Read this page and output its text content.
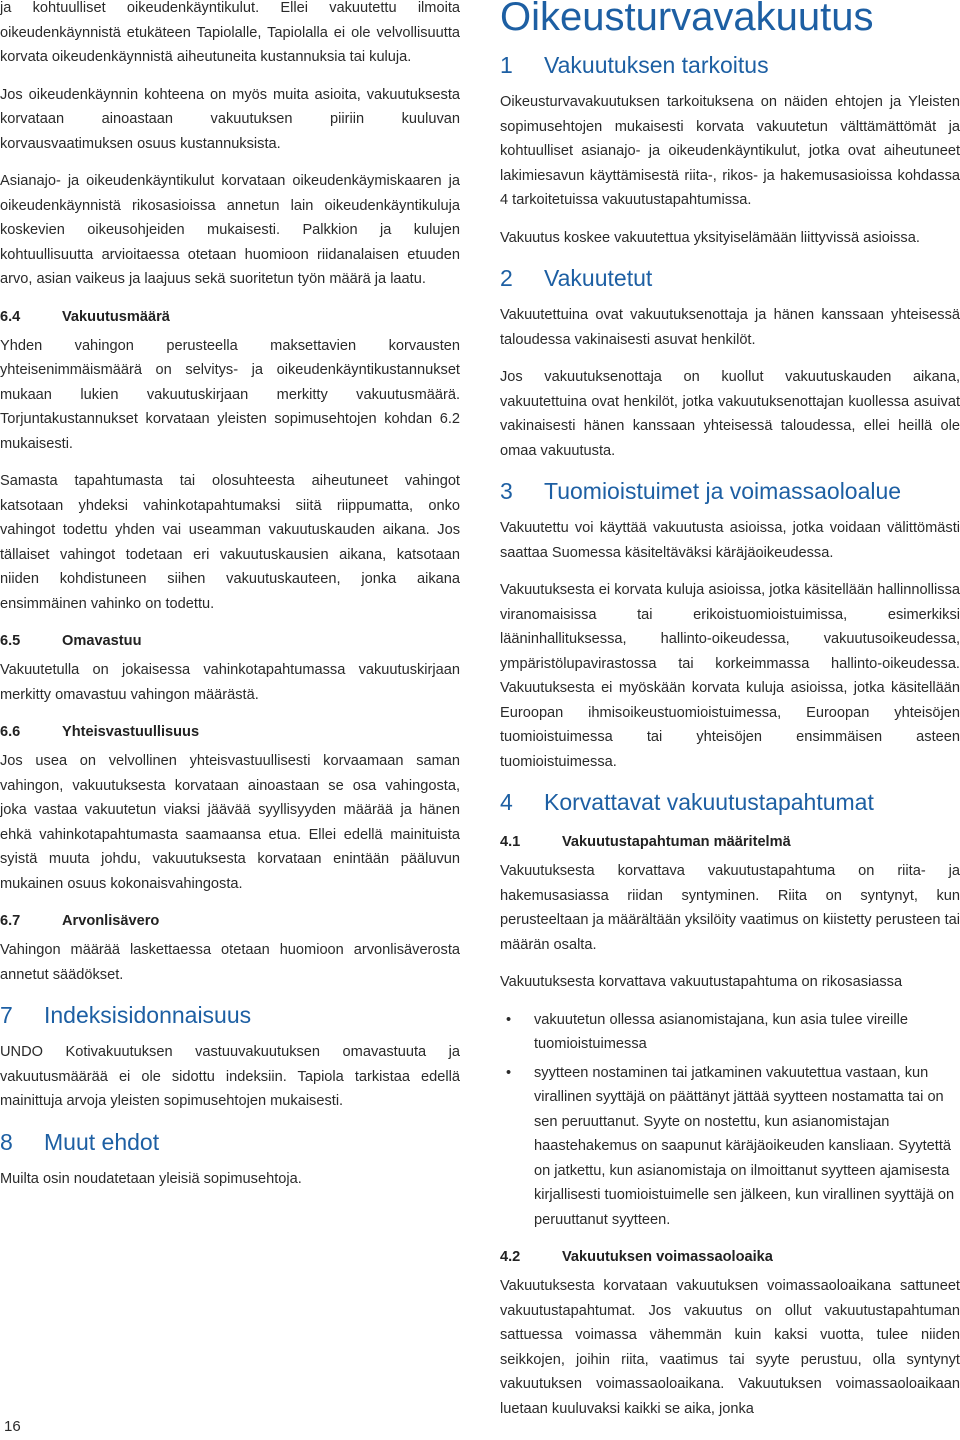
ja kohtuulliset oikeudenkäyntikulut. Ellei vakuutettu ilmoita oikeudenkäynnistä etukäteen Tapiolalle, Tapiolalla ei ole velvollisuutta korvata oikeudenkäynnistä aiheutuneita kustannuksia tai kuluja.

Jos oikeudenkäynnin kohteena on myös muita asioita, vakuutuksesta korvataan ainoastaan vakuutuksen piiriin kuuluvan korvausvaatimuksen osuus kustannuksista.

Asianajo- ja oikeudenkäyntikulut korvataan oikeudenkäymiskaaren ja oikeudenkäynnistä rikosasioissa annetun lain oikeudenkäyntikuluja koskevien oikeusohjeiden mukaisesti. Palkkion ja kulujen kohtuullisuutta arvioitaessa otetaan huomioon riidanalaisen etuuden arvo, asian vaikeus ja laajuus sekä suoritetun työn määrä ja laatu.

6.4	Vakuutusmäärä

Yhden vahingon perusteella maksettavien korvausten yhteisenimmäismäärä on selvitys- ja oikeudenkäyntikustannukset mukaan lukien vakuutuskirjaan merkitty vakuutusmäärä. Torjuntakustannukset korvataan yleisten sopimusehtojen kohdan 6.2 mukaisesti.

Samasta tapahtumasta tai olosuhteesta aiheutuneet vahingot katsotaan yhdeksi vahinkotapahtumaksi siitä riippumatta, onko vahingot todettu yhden vai useamman vakuutuskauden aikana. Jos tällaiset vahingot todetaan eri vakuutuskausien aikana, katsotaan niiden kohdistuneen siihen vakuutuskauteen, jonka aikana ensimmäinen vahinko on todettu.

6.5	Omavastuu

Vakuutetulla on jokaisessa vahinkotapahtumassa vakuutuskirjaan merkitty omavastuu vahingon määrästä.

6.6	Yhteisvastuullisuus

Jos usea on velvollinen yhteisvastuullisesti korvaamaan saman vahingon, vakuutuksesta korvataan ainoastaan se osa vahingosta, joka vastaa vakuutetun viaksi jäävää syyllisyyden määrää ja hänen ehkä vahinkotapahtumasta saamaansa etua. Ellei edellä mainituista syistä muuta johdu, vakuutuksesta korvataan enintään pääluvun mukainen osuus kokonaisvahingosta.

6.7	Arvonlisävero

Vahingon määrää laskettaessa otetaan huomioon arvonlisäverosta annetut säädökset.

7 Indeksisidonnaisuus

UNDO Kotivakuutuksen vastuuvakuutuksen omavastuuta ja vakuutusmäärää ei ole sidottu indeksiin. Tapiola tarkistaa edellä mainittuja arvoja yleisten sopimusehtojen mukaisesti.

8 Muut ehdot

Muilta osin noudatetaan yleisiä sopimusehtoja.

Oikeusturvavakuutus
1 Vakuutuksen tarkoitus

Oikeusturvavakuutuksen tarkoituksena on näiden ehtojen ja Yleisten sopimusehtojen mukaisesti korvata vakuutetun välttämättömät ja kohtuulliset asianajo- ja oikeudenkäyntikulut, jotka ovat aiheutuneet lakimiesavun käyttämisestä riita-, rikos- ja hakemusasioissa kohdassa 4 tarkoitetuissa vakuutustapahtumissa.

Vakuutus koskee vakuutettua yksityiselämään liittyvissä asioissa.

2 Vakuutetut

Vakuutettuina ovat vakuutuksenottaja ja hänen kanssaan yhteisessä taloudessa vakinaisesti asuvat henkilöt.

Jos vakuutuksenottaja on kuollut vakuutuskauden aikana, vakuutettuina ovat henkilöt, jotka vakuutuksenottajan kuollessa asuivat vakinaisesti hänen kanssaan yhteisessä taloudessa, ellei heillä ole omaa vakuutusta.

3 Tuomioistuimet ja voimassaoloalue

Vakuutettu voi käyttää vakuutusta asioissa, jotka voidaan välittömästi saattaa Suomessa käsiteltäväksi käräjäoikeudessa.

Vakuutuksesta ei korvata kuluja asioissa, jotka käsitellään hallinnollissa viranomaisissa tai erikoistuomioistuimissa, esimerkiksi lääninhallituksessa, hallinto-oikeudessa, vakuutusoikeudessa, ympäristölupavirastossa tai korkeimmassa hallinto-oikeudessa. Vakuutuksesta ei myöskään korvata kuluja asioissa, jotka käsitellään Euroopan ihmisoikeustuomioistuimessa, Euroopan yhteisöjen tuomioistuimessa tai yhteisöjen ensimmäisen asteen tuomioistuimessa.

4 Korvattavat vakuutustapahtumat
4.1	Vakuutustapahtuman määritelmä

Vakuutuksesta korvattava vakuutustapahtuma on riita- ja hakemusasiassa riidan syntyminen. Riita on syntynyt, kun perusteeltaan ja määrältään yksilöity vaatimus on kiistetty perusteen tai määrän osalta.

Vakuutuksesta korvattava vakuutustapahtuma on rikosasiassa

• vakuutetun ollessa asianomistajana, kun asia tulee vireille tuomioistuimessa
• syytteen nostaminen tai jatkaminen vakuutettua vastaan, kun virallinen syyttäjä on päättänyt jättää syytteen nostamatta tai on sen peruuttanut. Syyte on nostettu, kun asianomistajan haastehakemus on saapunut käräjäoikeuden kansliaan. Syytettä on jatkettu, kun asianomistaja on ilmoittanut syytteen ajamisesta kirjallisesti tuomioistuimelle sen jälkeen, kun virallinen syyttäjä on peruuttanut syytteen.
4.2	Vakuutuksen voimassaoloaika

Vakuutuksesta korvataan vakuutuksen voimassaoloaikana sattuneet vakuutustapahtumat. Jos vakuutus on ollut vakuutustapahtuman sattuessa voimassa vähemmän kuin kaksi vuotta, tulee niiden seikkojen, joihin riita, vaatimus tai syyte perustuu, olla syntynyt vakuutuksen voimassaoloaikana. Vakuutuksen voimassaoloaikaan luetaan kuuluvaksi kaikki se aika, jonka

16
